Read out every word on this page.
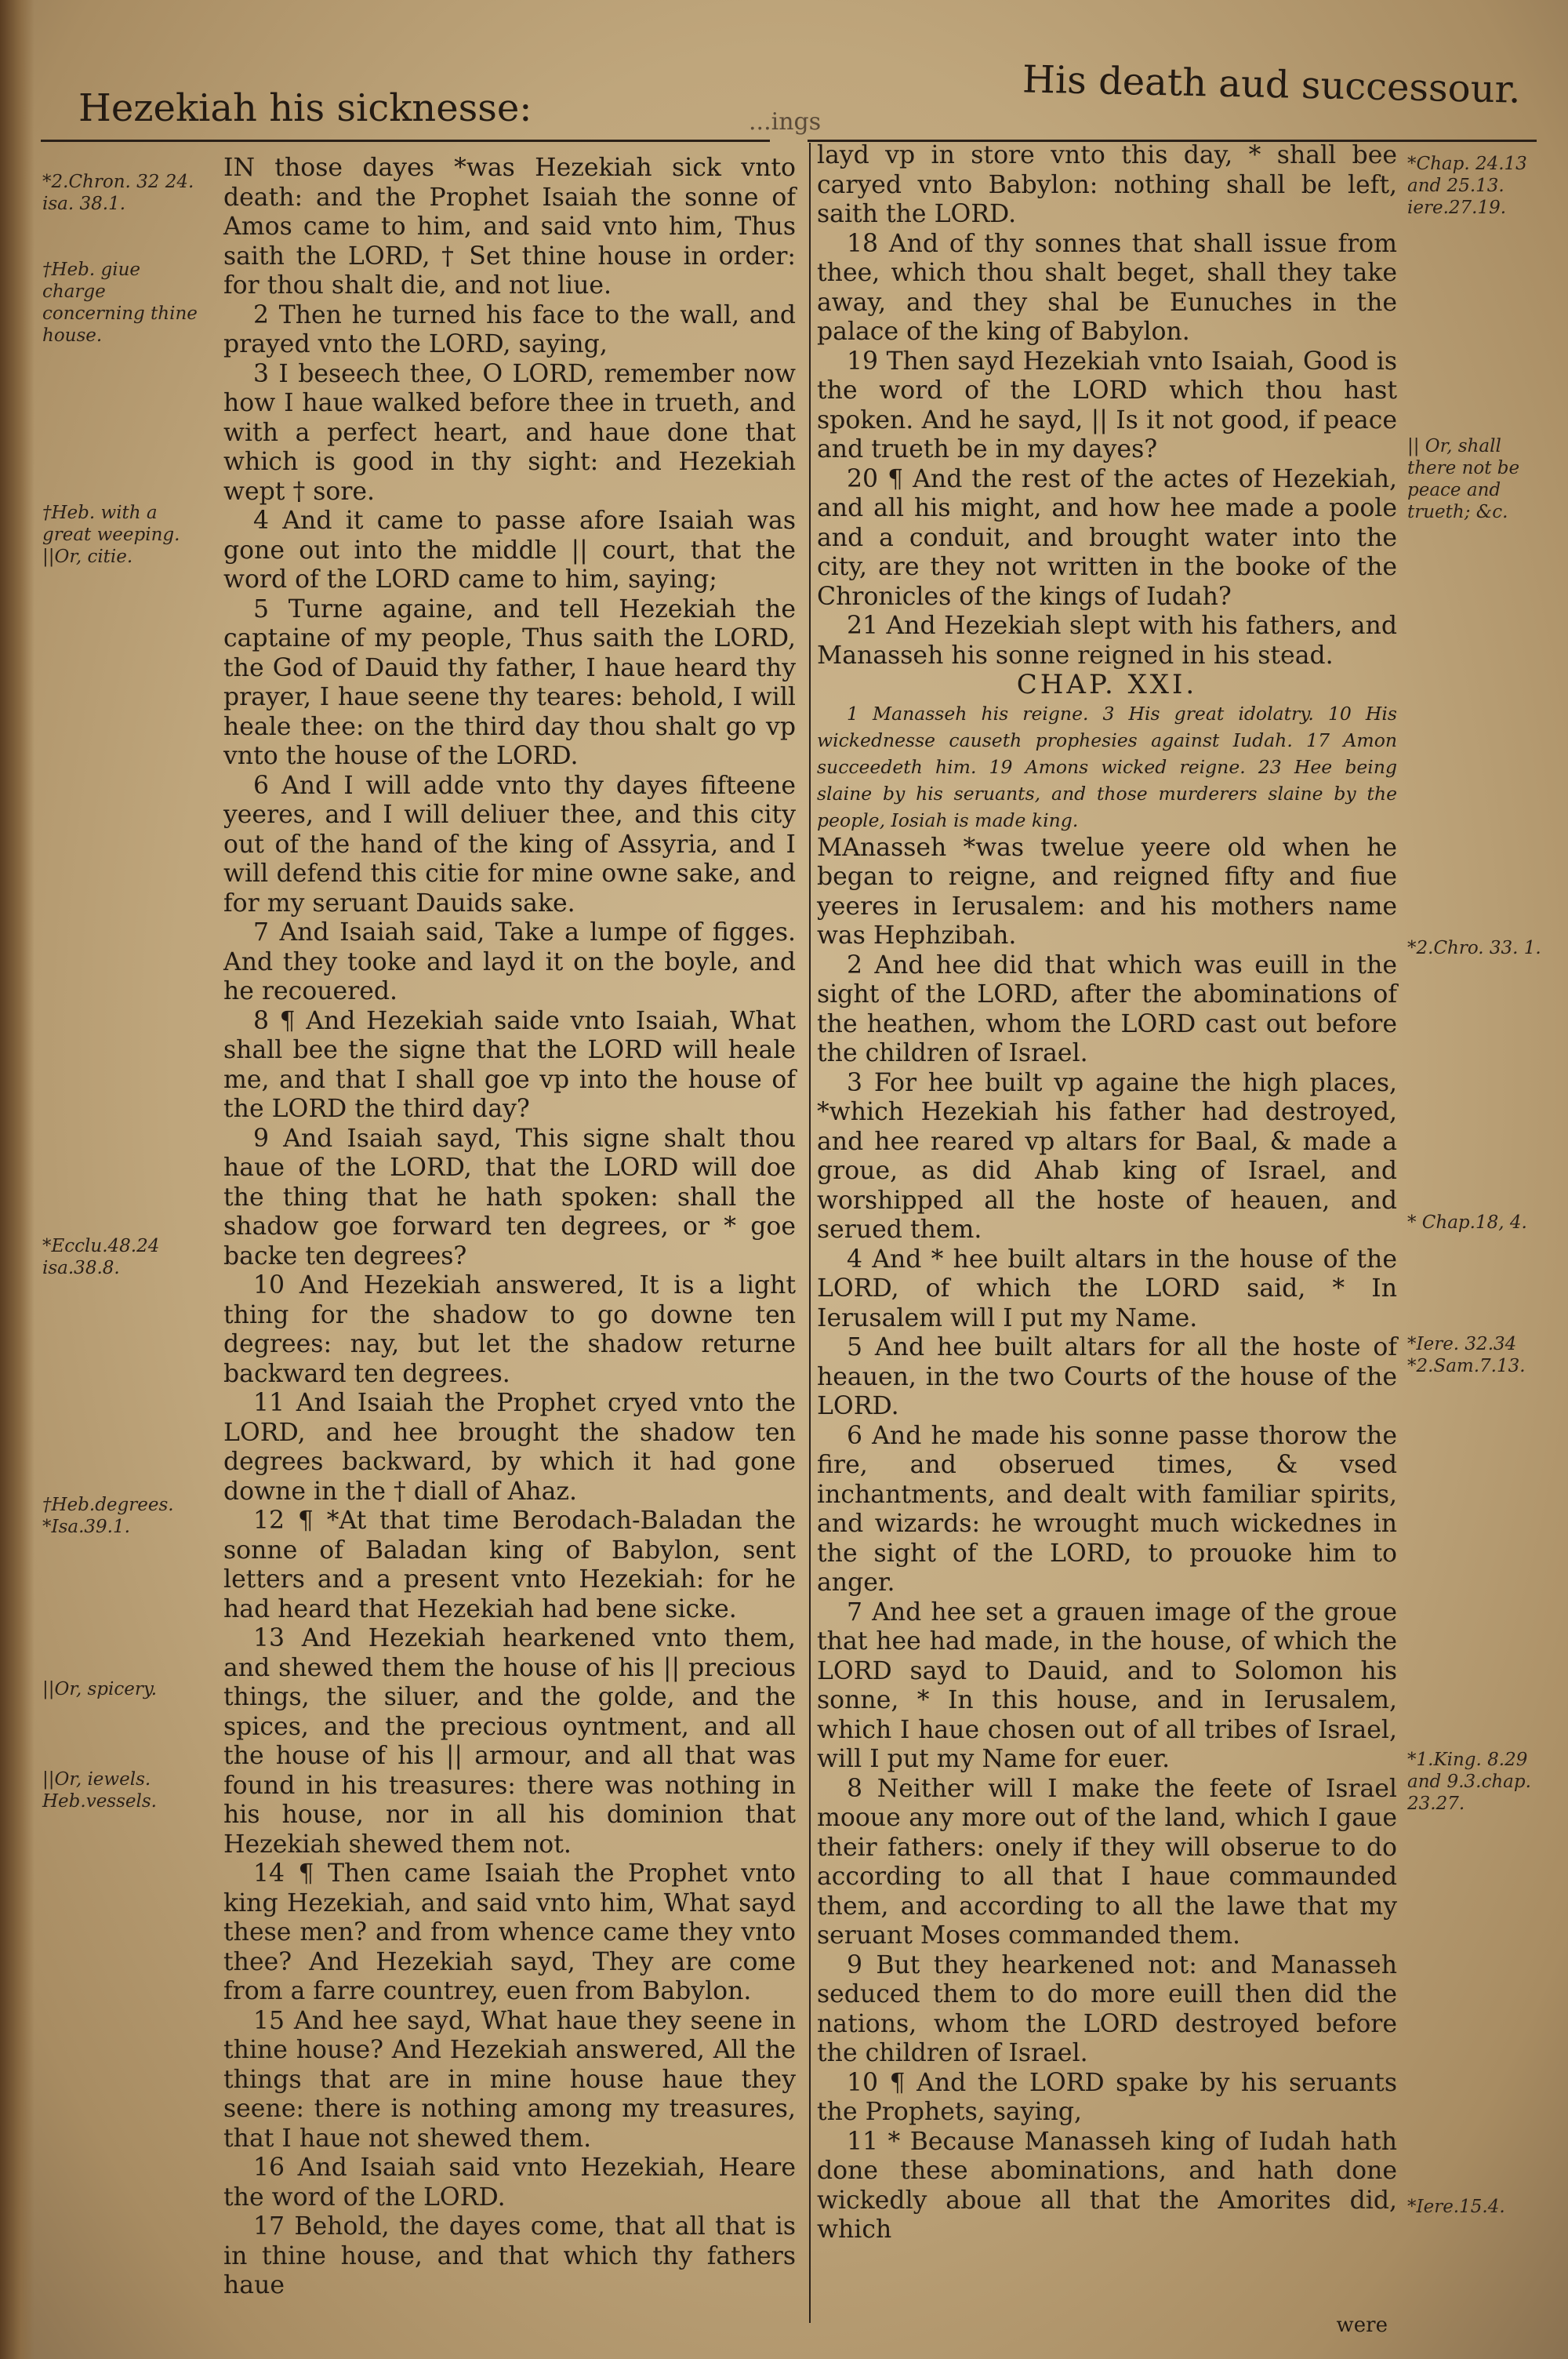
Hezekiah his sicknesse:	...ings
His death aud successour.
*2.Chron. 32 24. isa. 38.1.
†Heb. giue charge concerning thine house.
†Heb. with a great weeping. ||Or, citie.
*Ecclu.48.24 isa.38.8.
†Heb.degrees. *Isa.39.1.
||Or, spicery.
||Or, iewels. Heb.vessels.

IN those dayes *was Hezekiah sick vnto death: and the Prophet Isaiah the sonne of Amos came to him, and said vnto him, Thus saith the LORD, † Set thine house in order: for thou shalt die, and not liue.

2 Then he turned his face to the wall, and prayed vnto the LORD, saying,

3 I beseech thee, O LORD, remember now how I haue walked before thee in trueth, and with a perfect heart, and haue done that which is good in thy sight: and Hezekiah wept † sore.

4 And it came to passe afore Isaiah was gone out into the middle || court, that the word of the LORD came to him, saying;

5 Turne againe, and tell Hezekiah the captaine of my people, Thus saith the LORD, the God of Dauid thy father, I haue heard thy prayer, I haue seene thy teares: behold, I will heale thee: on the third day thou shalt go vp vnto the house of the LORD.

6 And I will adde vnto thy dayes fifteene yeeres, and I will deliuer thee, and this city out of the hand of the king of Assyria, and I will defend this citie for mine owne sake, and for my seruant Dauids sake.

7 And Isaiah said, Take a lumpe of figges. And they tooke and layd it on the boyle, and he recouered.

8 ¶ And Hezekiah saide vnto Isaiah, What shall bee the signe that the LORD will heale me, and that I shall goe vp into the house of the LORD the third day?

9 And Isaiah sayd, This signe shalt thou haue of the LORD, that the LORD will doe the thing that he hath spoken: shall the shadow goe forward ten degrees, or * goe backe ten degrees?

10 And Hezekiah answered, It is a light thing for the shadow to go downe ten degrees: nay, but let the shadow returne backward ten degrees.

11 And Isaiah the Prophet cryed vnto the LORD, and hee brought the shadow ten degrees backward, by which it had gone downe in the † diall of Ahaz.

12 ¶ *At that time Berodach-Baladan the sonne of Baladan king of Babylon, sent letters and a present vnto Hezekiah: for he had heard that Hezekiah had bene sicke.

13 And Hezekiah hearkened vnto them, and shewed them the house of his || precious things, the siluer, and the golde, and the spices, and the precious oyntment, and all the house of his || armour, and all that was found in his treasures: there was nothing in his house, nor in all his dominion that Hezekiah shewed them not.

14 ¶ Then came Isaiah the Prophet vnto king Hezekiah, and said vnto him, What sayd these men? and from whence came they vnto thee? And Hezekiah sayd, They are come from a farre countrey, euen from Babylon.

15 And hee sayd, What haue they seene in thine house? And Hezekiah answered, All the things that are in mine house haue they seene: there is nothing among my treasures, that I haue not shewed them.

16 And Isaiah said vnto Hezekiah, Heare the word of the LORD.

17 Behold, the dayes come, that all that is in thine house, and that which thy fathers haue

layd vp in store vnto this day, * shall bee caryed vnto Babylon: nothing shall be left, saith the LORD.

18 And of thy sonnes that shall issue from thee, which thou shalt beget, shall they take away, and they shal be Eunuches in the palace of the king of Babylon.

19 Then sayd Hezekiah vnto Isaiah, Good is the word of the LORD which thou hast spoken. And he sayd, || Is it not good, if peace and trueth be in my dayes?

20 ¶ And the rest of the actes of Hezekiah, and all his might, and how hee made a poole and a conduit, and brought water into the city, are they not written in the booke of the Chronicles of the kings of Iudah?

21 And Hezekiah slept with his fathers, and Manasseh his sonne reigned in his stead.

CHAP. XXI.

1 Manasseh his reigne. 3 His great idolatry. 10 His wickednesse causeth prophesies against Iudah. 17 Amon succeedeth him. 19 Amons wicked reigne. 23 Hee being slaine by his seruants, and those murderers slaine by the people, Iosiah is made king.

MAnasseh *was twelue yeere old when he began to reigne, and reigned fifty and fiue yeeres in Ierusalem: and his mothers name was Hephzibah.

2 And hee did that which was euill in the sight of the LORD, after the abominations of the heathen, whom the LORD cast out before the children of Israel.

3 For hee built vp againe the high places, *which Hezekiah his father had destroyed, and hee reared vp altars for Baal, & made a groue, as did Ahab king of Israel, and worshipped all the hoste of heauen, and serued them.

4 And * hee built altars in the house of the LORD, of which the LORD said, * In Ierusalem will I put my Name.

5 And hee built altars for all the hoste of heauen, in the two Courts of the house of the LORD.

6 And he made his sonne passe thorow the fire, and obserued times, & vsed inchantments, and dealt with familiar spirits, and wizards: he wrought much wickednes in the sight of the LORD, to prouoke him to anger.

7 And hee set a grauen image of the groue that hee had made, in the house, of which the LORD sayd to Dauid, and to Solomon his sonne, * In this house, and in Ierusalem, which I haue chosen out of all tribes of Israel, will I put my Name for euer.

8 Neither will I make the feete of Israel mooue any more out of the land, which I gaue their fathers: onely if they will obserue to do according to all that I haue commaunded them, and according to all the lawe that my seruant Moses commanded them.

9 But they hearkened not: and Manasseh seduced them to do more euill then did the nations, whom the LORD destroyed before the children of Israel.

10 ¶ And the LORD spake by his seruants the Prophets, saying,

11 * Because Manasseh king of Iudah hath done these abominations, and hath done wickedly aboue all that the Amorites did, which

*Chap. 24.13 and 25.13. iere.27.19.
|| Or, shall there not be peace and trueth; &c.
*2.Chro. 33. 1.
* Chap.18, 4.
*Iere. 32.34 *2.Sam.7.13.
*1.King. 8.29 and 9.3.chap. 23.27.
*Iere.15.4.
were
